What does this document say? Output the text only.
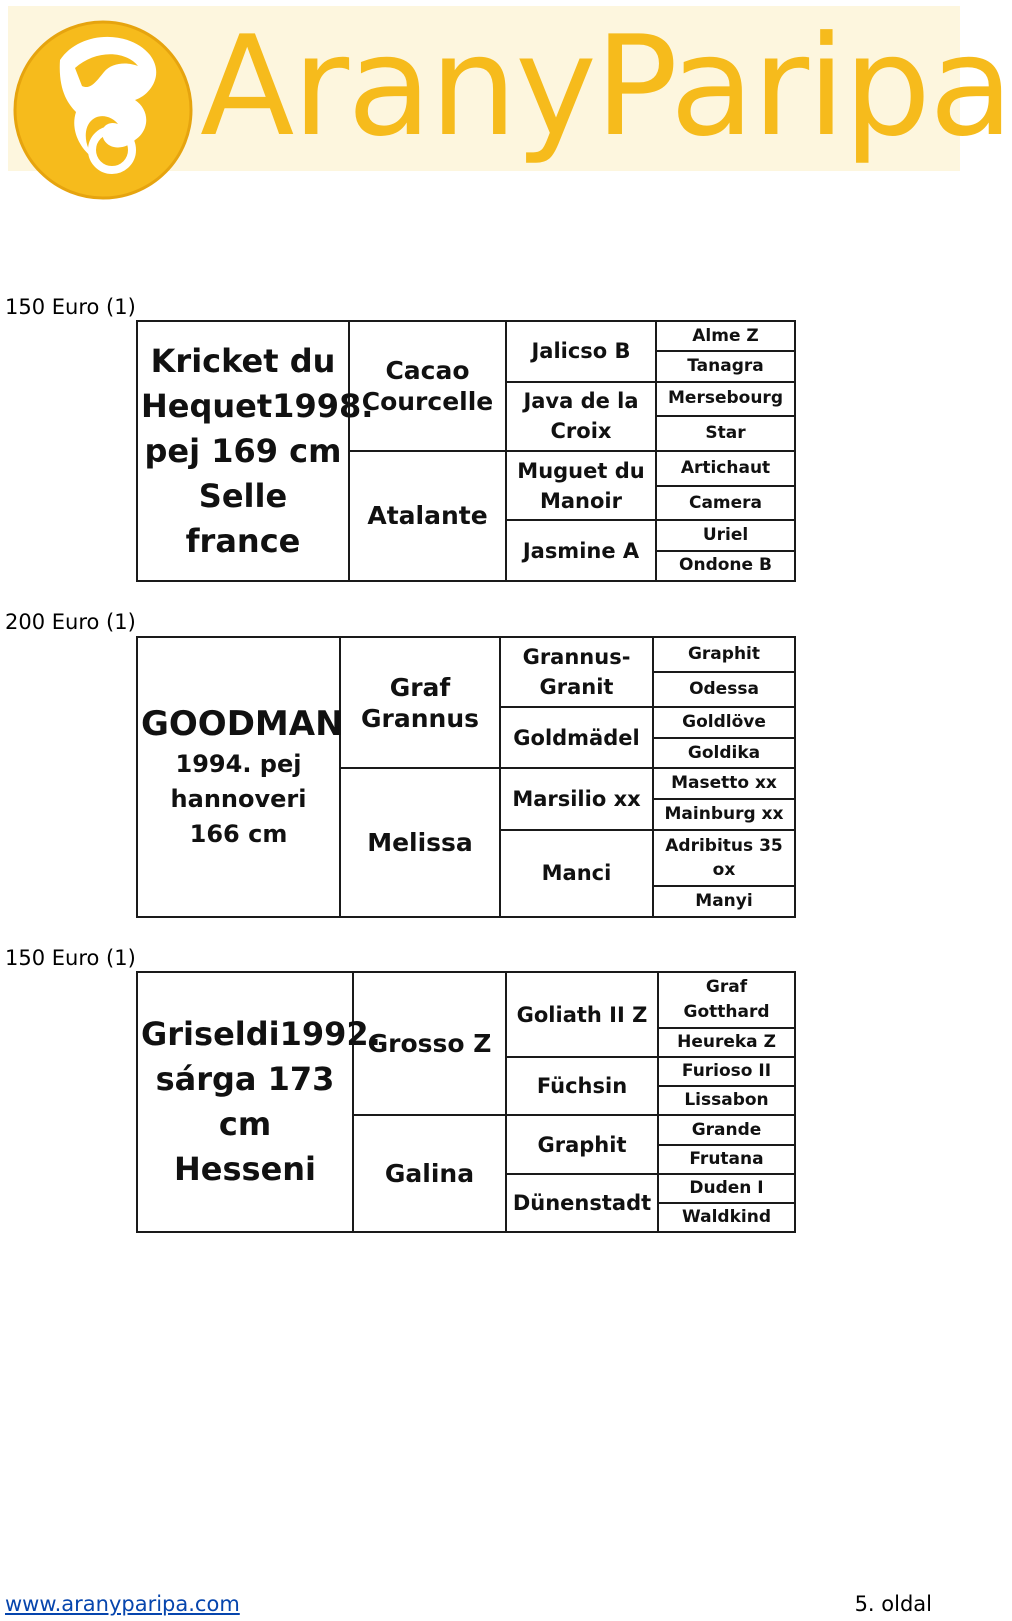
AranyParipa
150 Euro (1)
Kricket du
Hequet1998.
pej 169 cm
Selle france	Cacao Courcelle	Jalicso B	Alme Z
			Tanagra
		Java de la Croix	Mersebourg
			Star
	Atalante	Muguet du Manoir	Artichaut
			Camera
		Jasmine A	Uriel
			Ondone B
200 Euro (1)
GOODMAN
1994. pej
hannoveri
166 cm	Graf Grannus	Grannus-Granit	Graphit
			Odessa
		Goldmädel	Goldlöve
			Goldika
	Melissa	Marsilio xx	Masetto xx
			Mainburg xx
		Manci	Adribitus 35 ox
			Manyi
150 Euro (1)
Griseldi1992.
sárga 173 cm
Hesseni	Grosso Z	Goliath II Z	Graf Gotthard
			Heureka Z
		Füchsin	Furioso II
			Lissabon
	Galina	Graphit	Grande
			Frutana
		Dünenstadt	Duden I
			Waldkind
www.aranyparipa.com	5. oldal
